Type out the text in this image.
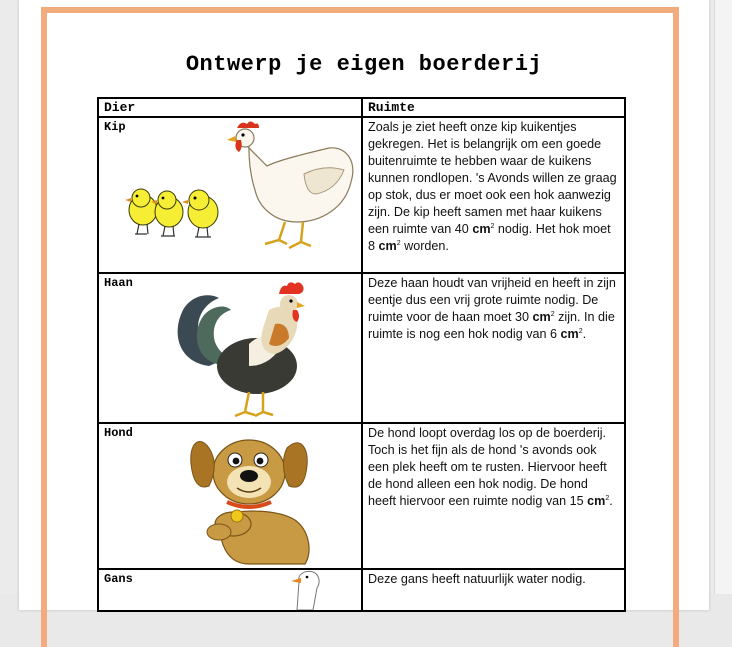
Ontwerp je eigen boerderij
Dier	Ruimte

Kip	Zoals je ziet heeft onze kip kuikentjes gekregen. Het is belangrijk om een goede buitenruimte te hebben waar de kuikens kunnen rondlopen. 's Avonds willen ze graag op stok, dus er moet ook een hok aanwezig zijn. De kip heeft samen met haar kuikens een ruimte van 40 $cm^2$ nodig. Het hok moet 8 $cm^2$ worden.

Haan	Deze haan houdt van vrijheid en heeft in zijn eentje dus een vrij grote ruimte nodig. De ruimte voor de haan moet 30 $cm^2$ zijn. In die ruimte is nog een hok nodig van 6 $cm^2$.

Hond	De hond loopt overdag los op de boerderij. Toch is het fijn als de hond 's avonds ook een plek heeft om te rusten. Hiervoor heeft de hond alleen een hok nodig. De hond heeft hiervoor een ruimte nodig van 15 $cm^2$.

Gans	Deze gans heeft natuurlijk water nodig.
